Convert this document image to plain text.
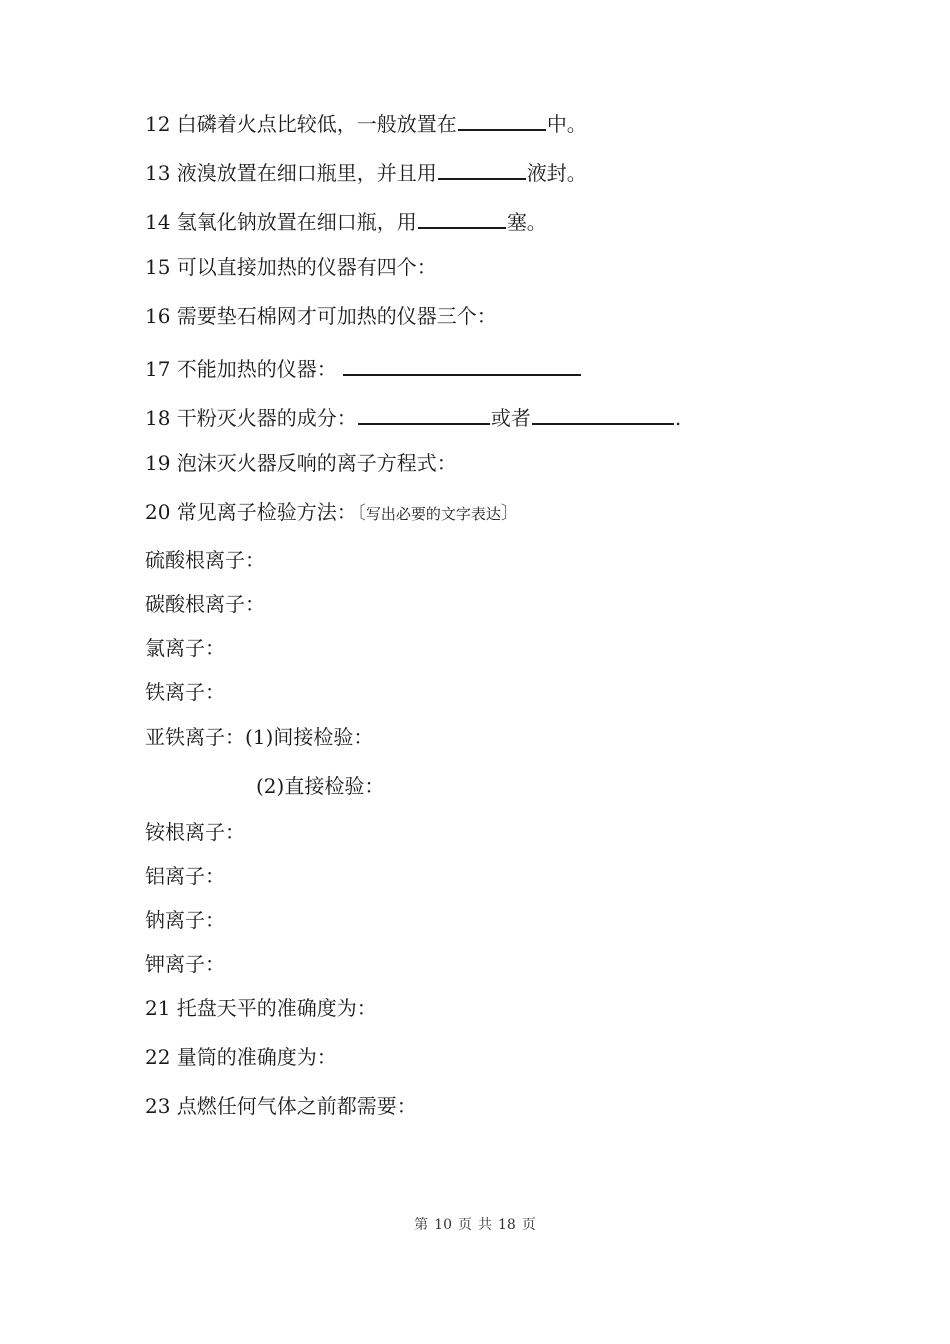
12 白磷着火点比较低，一般放置在	中。
13 液溴放置在细口瓶里，并且用	液封。
14 氢氧化钠放置在细口瓶，用	塞。
15 可以直接加热的仪器有四个：
16 需要垫石棉网才可加热的仪器三个：
17 不能加热的仪器：
18 干粉灭火器的成分：	或者	.
19 泡沫灭火器反响的离子方程式：
20 常见离子检验方法：〔写出必要的文字表达〕
硫酸根离子：
碳酸根离子：
氯离子：
铁离子：
亚铁离子：(1)间接检验：
(2)直接检验：
铵根离子：
铝离子：
钠离子：
钾离子：
21 托盘天平的准确度为：
22 量筒的准确度为：
23 点燃任何气体之前都需要：
第 10 页 共 18 页
